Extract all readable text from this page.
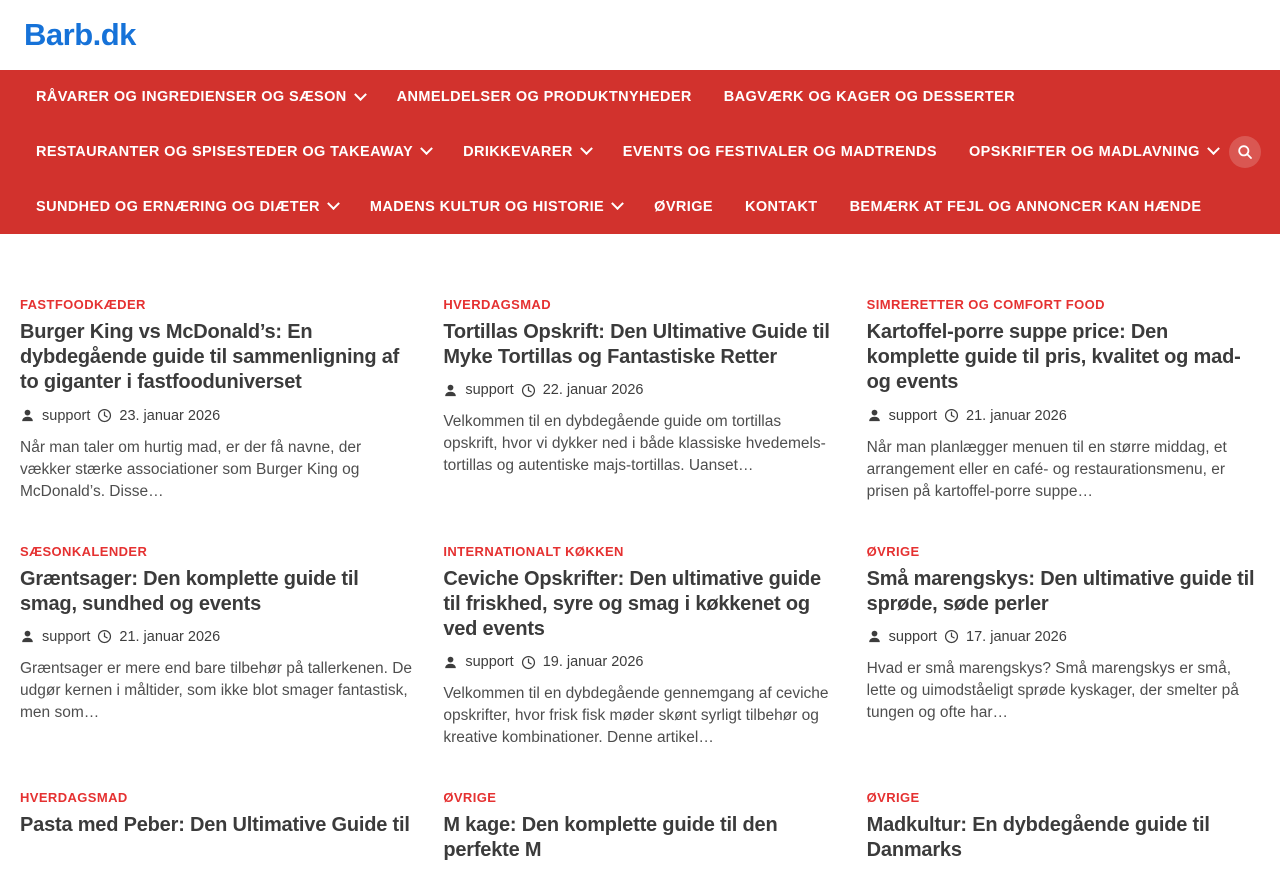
Barb.dk
RÅVARER OG INGREDIENSER OG SÆSON	ANMELDELSER OG PRODUKTNYHEDER BAGVÆRK OG KAGER OG DESSERTER
RESTAURANTER OG SPISESTEDER OG TAKEAWAY	DRIKKEVARER	EVENTS OG FESTIVALER OG MADTRENDS OPSKRIFTER OG MADLAVNING
SUNDHED OG ERNÆRING OG DIÆTER	MADENS KULTUR OG HISTORIE	ØVRIGE KONTAKT BEMÆRK AT FEJL OG ANNONCER KAN HÆNDE
FASTFOODKÆDER
Burger King vs McDonald’s: En dybdegående guide til sammenligning af to giganter i fastfooduniverset
support 23. januar 2026

Når man taler om hurtig mad, er der få navne, der vækker stærke associationer som Burger King og McDonald’s. Disse…

HVERDAGSMAD
Tortillas Opskrift: Den Ultimative Guide til Myke Tortillas og Fantastiske Retter
support 22. januar 2026

Velkommen til en dybdegående guide om tortillas opskrift, hvor vi dykker ned i både klassiske hvedemels-tortillas og autentiske majs-tortillas. Uanset…

SIMRERETTER OG COMFORT FOOD
Kartoffel-porre suppe price: Den komplette guide til pris, kvalitet og mad- og events
support 21. januar 2026

Når man planlægger menuen til en større middag, et arrangement eller en café- og restaurationsmenu, er prisen på kartoffel-porre suppe…

SÆSONKALENDER
Græntsager: Den komplette guide til smag, sundhed og events
support 21. januar 2026

Græntsager er mere end bare tilbehør på tallerkenen. De udgør kernen i måltider, som ikke blot smager fantastisk, men som…

INTERNATIONALT KØKKEN
Ceviche Opskrifter: Den ultimative guide til friskhed, syre og smag i køkkenet og ved events
support 19. januar 2026

Velkommen til en dybdegående gennemgang af ceviche opskrifter, hvor frisk fisk møder skønt syrligt tilbehør og kreative kombinationer. Denne artikel…

ØVRIGE
Små marengskys: Den ultimative guide til sprøde, søde perler
support 17. januar 2026

Hvad er små marengskys? Små marengskys er små, lette og uimodståeligt sprøde kyskager, der smelter på tungen og ofte har…

HVERDAGSMAD
Pasta med Peber: Den Ultimative Guide til
ØVRIGE
M kage: Den komplette guide til den perfekte M
ØVRIGE
Madkultur: En dybdegående guide til Danmarks
